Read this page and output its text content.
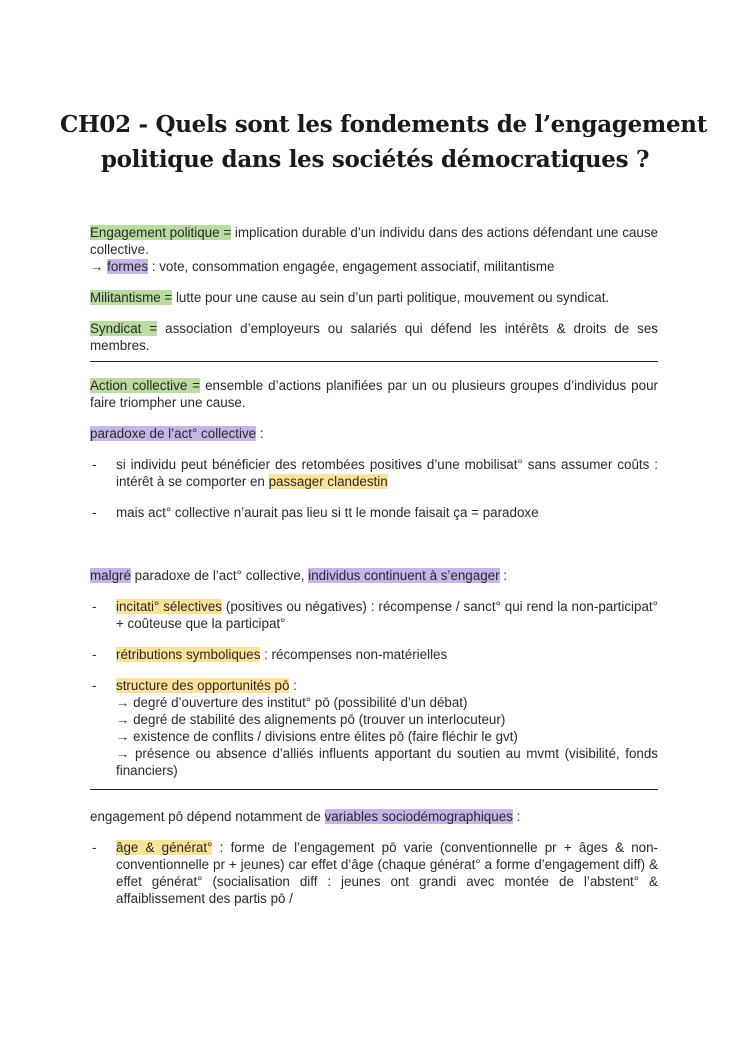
CH02 - Quels sont les fondements de l’engagement
politique dans les sociétés démocratiques ?

Engagement politique = implication durable d’un individu dans des actions défendant une cause collective.
→ formes : vote, consommation engagée, engagement associatif, militantisme

Militantisme = lutte pour une cause au sein d’un parti politique, mouvement ou syndicat.

Syndicat = association d’employeurs ou salariés qui défend les intérêts & droits de ses membres.

Action collective = ensemble d’actions planifiées par un ou plusieurs groupes d’individus pour faire triompher une cause.

paradoxe de l’act° collective :

- si individu peut bénéficier des retombées positives d’une mobilisat° sans assumer coûts : intérêt à se comporter en passager clandestin
- mais act° collective n’aurait pas lieu si tt le monde faisait ça = paradoxe

malgré paradoxe de l’act° collective, individus continuent à s’engager :

- incitati° sélectives (positives ou négatives) : récompense / sanct° qui rend la non-participat° + coûteuse que la participat°
- rétributions symboliques : récompenses non-matérielles
- structure des opportunités pō :
→ degré d’ouverture des institut° pō (possibilité d’un débat)
→ degré de stabilité des alignements pō (trouver un interlocuteur)
→ existence de conflits / divisions entre élites pō (faire fléchir le gvt)
→ présence ou absence d’alliés influents apportant du soutien au mvmt (visibilité, fonds financiers)

engagement pō dépend notamment de variables sociodémographiques :

- âge & générat° : forme de l’engagement pō varie (conventionnelle pr + âges & non-conventionnelle pr + jeunes) car effet d’âge (chaque générat° a forme d’engagement diff) & effet générat° (socialisation diff : jeunes ont grandi avec montée de l’abstent° & affaiblissement des partis pō /
